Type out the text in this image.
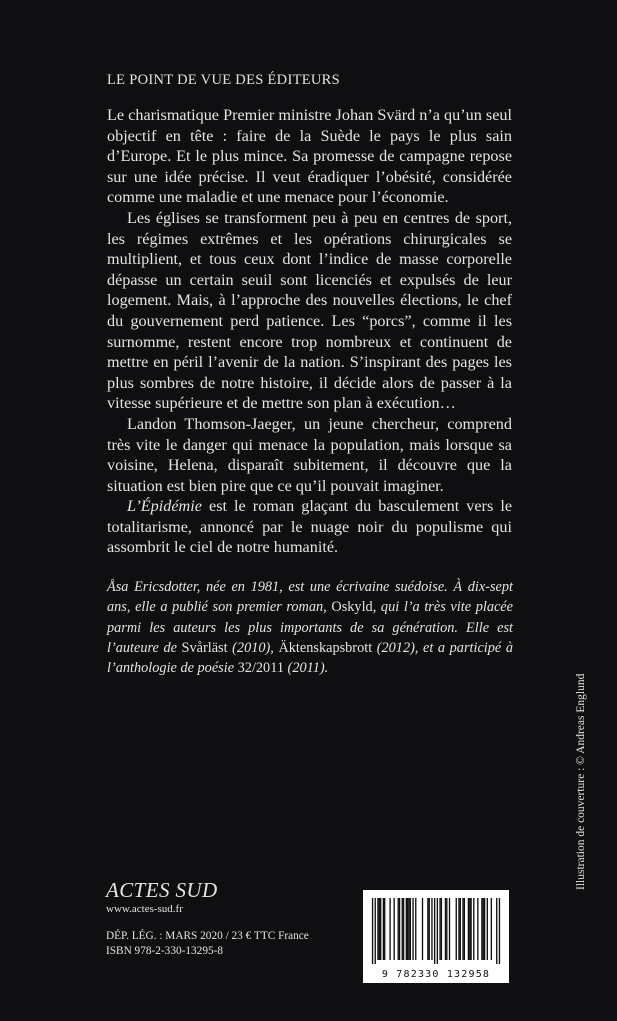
LE POINT DE VUE DES ÉDITEURS

Le charismatique Premier ministre Johan Svärd n’a qu’un seul objectif en tête : faire de la Suède le pays le plus sain d’Europe. Et le plus mince. Sa promesse de campagne repose sur une idée précise. Il veut éradiquer l’obésité, considérée comme une maladie et une menace pour l’économie.

Les églises se transforment peu à peu en centres de sport, les régimes extrêmes et les opérations chirurgicales se multiplient, et tous ceux dont l’indice de masse corporelle dépasse un certain seuil sont licenciés et expulsés de leur logement. Mais, à l’approche des nouvelles élections, le chef du gouvernement perd patience. Les “porcs”, comme il les surnomme, restent encore trop nombreux et continuent de mettre en péril l’avenir de la nation. S’inspirant des pages les plus sombres de notre histoire, il décide alors de passer à la vitesse supérieure et de mettre son plan à exécution…

Landon Thomson-Jaeger, un jeune chercheur, comprend très vite le danger qui menace la population, mais lorsque sa voisine, Helena, disparaît subitement, il découvre que la situation est bien pire que ce qu’il pouvait imaginer.

L’Épidémie est le roman glaçant du basculement vers le totalitarisme, annoncé par le nuage noir du populisme qui assombrit le ciel de notre humanité.

Åsa Ericsdotter, née en 1981, est une écrivaine suédoise. À dix-sept ans, elle a publié son premier roman, Oskyld, qui l’a très vite placée parmi les auteurs les plus importants de sa génération. Elle est l’auteure de Svårläst (2010), Äktenskapsbrott (2012), et a participé à l’anthologie de poésie 32/2011 (2011).

Illustration de couverture : © Andreas Englund
ACTES SUD
www.actes-sud.fr
DÉP. LÉG. : MARS 2020 / 23 € TTC France
ISBN 978-2-330-13295-8
9 782330 132958
